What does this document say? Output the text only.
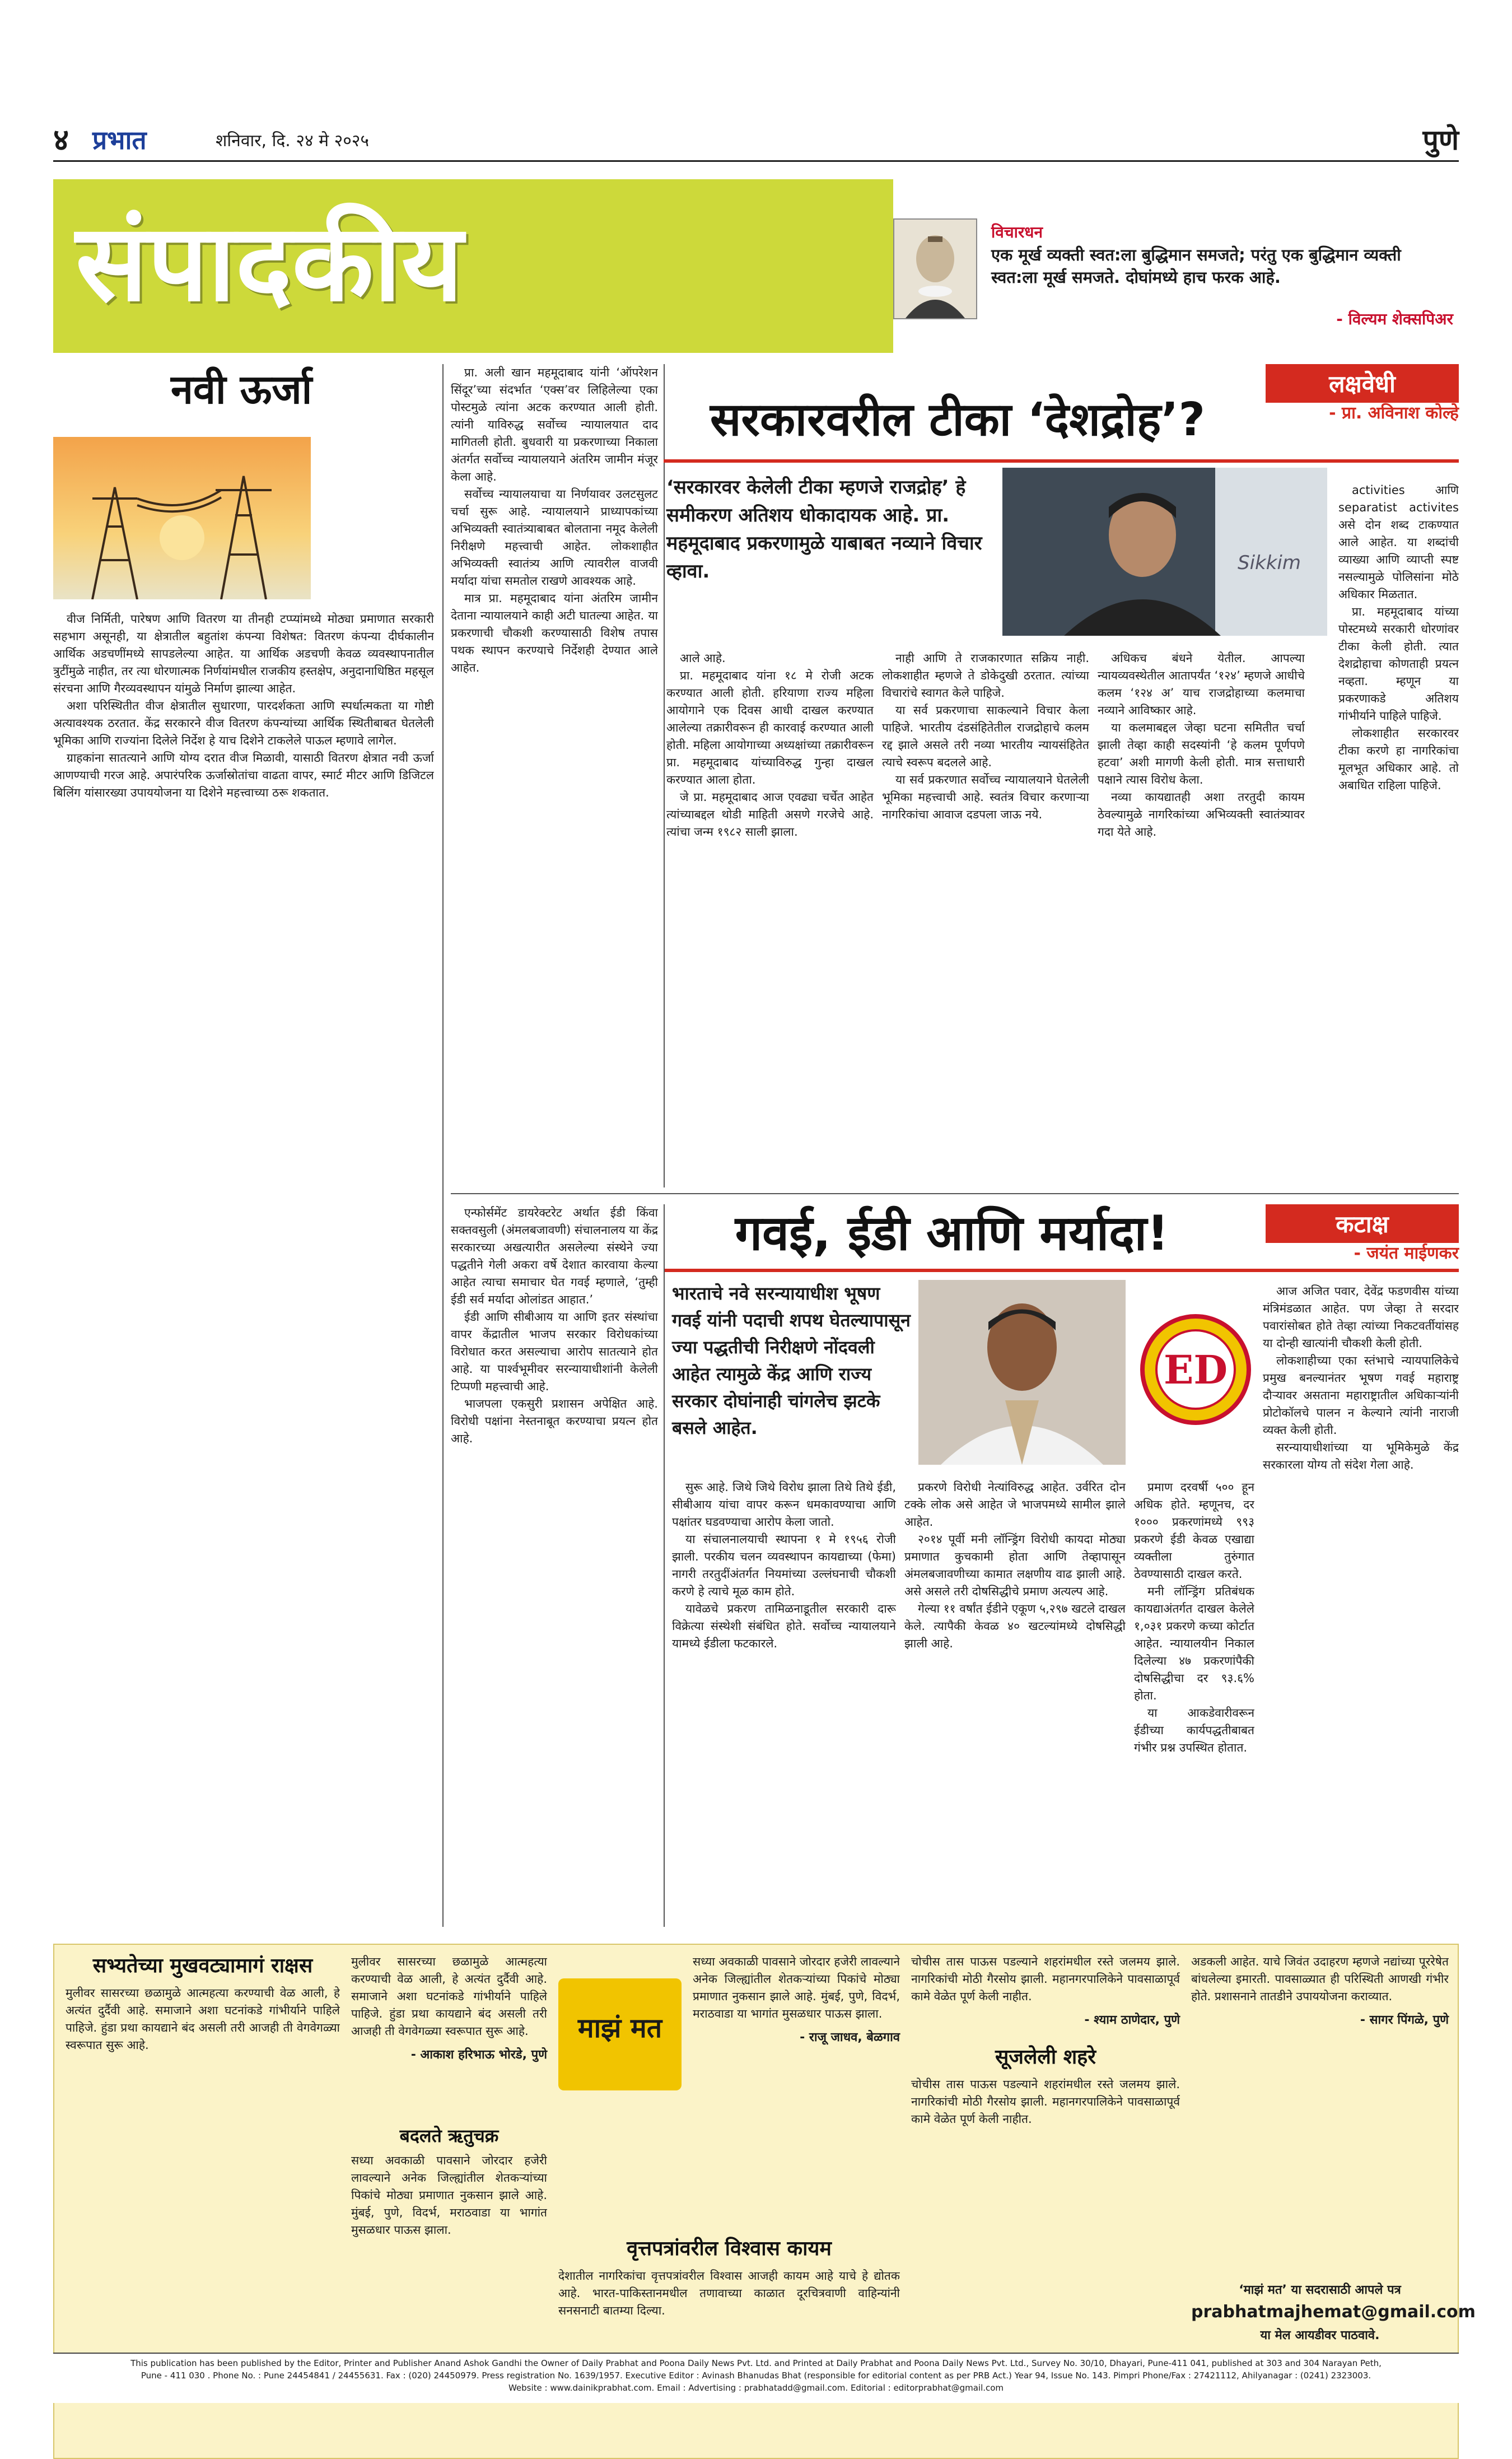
४ प्रभात	शनिवार, दि. २४ मे २०२५	पुणे
संपादकीय	विचारधन
एक मूर्ख व्यक्ती स्वत:ला बुद्धिमान समजते; परंतु एक बुद्धिमान व्यक्ती स्वत:ला मूर्ख समजते. दोघांमध्ये हाच फरक आहे.
- विल्यम शेक्सपिअर
नवी ऊर्जा

वीज निर्मिती, पारेषण आणि वितरण या तीनही टप्प्यांमध्ये मोठ्या प्रमाणात सरकारी सहभाग असूनही, या क्षेत्रातील बहुतांश कंपन्या विशेषत: वितरण कंपन्या दीर्घकालीन आर्थिक अडचणींमध्ये सापडलेल्या आहेत. या आर्थिक अडचणी केवळ व्यवस्थापनातील त्रुटींमुळे नाहीत, तर त्या धोरणात्मक निर्णयांमधील राजकीय हस्तक्षेप, अनुदानाधिष्ठित महसूल संरचना आणि गैरव्यवस्थापन यांमुळे निर्माण झाल्या आहेत.

अशा परिस्थितीत वीज क्षेत्रातील सुधारणा, पारदर्शकता आणि स्पर्धात्मकता या गोष्टी अत्यावश्यक ठरतात. केंद्र सरकारने वीज वितरण कंपन्यांच्या आर्थिक स्थितीबाबत घेतलेली भूमिका आणि राज्यांना दिलेले निर्देश हे याच दिशेने टाकलेले पाऊल म्हणावे लागेल.

ग्राहकांना सातत्याने आणि योग्य दरात वीज मिळावी, यासाठी वितरण क्षेत्रात नवी ऊर्जा आणण्याची गरज आहे. अपारंपरिक ऊर्जास्रोतांचा वाढता वापर, स्मार्ट मीटर आणि डिजिटल बिलिंग यांसारख्या उपाययोजना या दिशेने महत्त्वाच्या ठरू शकतात.

प्रा. अली खान महमूदाबाद यांनी ‘ऑपरेशन सिंदूर’च्या संदर्भात ‘एक्स’वर लिहिलेल्या एका पोस्टमुळे त्यांना अटक करण्यात आली होती. त्यांनी याविरुद्ध सर्वोच्च न्यायालयात दाद मागितली होती. बुधवारी या प्रकरणाच्या निकाला अंतर्गत सर्वोच्च न्यायालयाने अंतरिम जामीन मंजूर केला आहे.

सर्वोच्च न्यायालयाचा या निर्णयावर उलटसुलट चर्चा सुरू आहे. न्यायालयाने प्राध्यापकांच्या अभिव्यक्ती स्वातंत्र्याबाबत बोलताना नमूद केलेली निरीक्षणे महत्त्वाची आहेत. लोकशाहीत अभिव्यक्ती स्वातंत्र्य आणि त्यावरील वाजवी मर्यादा यांचा समतोल राखणे आवश्यक आहे.

मात्र प्रा. महमूदाबाद यांना अंतरिम जामीन देताना न्यायालयाने काही अटी घातल्या आहेत. या प्रकरणाची चौकशी करण्यासाठी विशेष तपास पथक स्थापन करण्याचे निर्देशही देण्यात आले आहेत.

सरकारवरील टीका ‘देशद्रोह’?
लक्षवेधी
- प्रा. अविनाश कोल्हे
‘सरकारवर केलेली टीका म्हणजे राजद्रोह’ हे समीकरण अतिशय धोकादायक आहे. प्रा. महमूदाबाद प्रकरणामुळे याबाबत नव्याने विचार व्हावा.	Sikkim

आले आहे.

प्रा. महमूदाबाद यांना १८ मे रोजी अटक करण्यात आली होती. हरियाणा राज्य महिला आयोगाने एक दिवस आधी दाखल करण्यात आलेल्या तक्रारीवरून ही कारवाई करण्यात आली होती. महिला आयोगाच्या अध्यक्षांच्या तक्रारीवरून प्रा. महमूदाबाद यांच्याविरुद्ध गुन्हा दाखल करण्यात आला होता.

जे प्रा. महमूदाबाद आज एवढ्या चर्चेत आहेत त्यांच्याबद्दल थोडी माहिती असणे गरजेचे आहे. त्यांचा जन्म १९८२ साली झाला.

नाही आणि ते राजकारणात सक्रिय नाही. लोकशाहीत म्हणजे ते डोकेदुखी ठरतात. त्यांच्या विचारांचे स्वागत केले पाहिजे.

या सर्व प्रकरणाचा साकल्याने विचार केला पाहिजे. भारतीय दंडसंहितेतील राजद्रोहाचे कलम रद्द झाले असले तरी नव्या भारतीय न्यायसंहितेत त्याचे स्वरूप बदलले आहे.

या सर्व प्रकरणात सर्वोच्च न्यायालयाने घेतलेली भूमिका महत्त्वाची आहे. स्वतंत्र विचार करणाऱ्या नागरिकांचा आवाज दडपला जाऊ नये.

अधिकच बंधने येतील. आपल्या न्यायव्यवस्थेतील आतापर्यंत ‘१२४’ म्हणजे आधीचे कलम ‘१२४ अ’ याच राजद्रोहाच्या कलमाचा नव्याने आविष्कार आहे.

या कलमाबद्दल जेव्हा घटना समितीत चर्चा झाली तेव्हा काही सदस्यांनी ‘हे कलम पूर्णपणे हटवा’ अशी मागणी केली होती. मात्र सत्ताधारी पक्षाने त्यास विरोध केला.

नव्या कायद्यातही अशा तरतुदी कायम ठेवल्यामुळे नागरिकांच्या अभिव्यक्ती स्वातंत्र्यावर गदा येते आहे.

activities आणि separatist activites असे दोन शब्द टाकण्यात आले आहेत. या शब्दांची व्याख्या आणि व्याप्ती स्पष्ट नसल्यामुळे पोलिसांना मोठे अधिकार मिळतात.

प्रा. महमूदाबाद यांच्या पोस्टमध्ये सरकारी धोरणांवर टीका केली होती. त्यात देशद्रोहाचा कोणताही प्रयत्न नव्हता. म्हणून या प्रकरणाकडे अतिशय गांभीर्याने पाहिले पाहिजे.

लोकशाहीत सरकारवर टीका करणे हा नागरिकांचा मूलभूत अधिकार आहे. तो अबाधित राहिला पाहिजे.

गवई, ईडी आणि मर्यादा!	कटाक्ष
- जयंत माईणकर

एन्फोर्समेंट डायरेक्टरेट अर्थात ईडी किंवा सक्तवसुली (अंमलबजावणी) संचालनालय या केंद्र सरकारच्या अखत्यारीत असलेल्या संस्थेने ज्या पद्धतीने गेली अकरा वर्षे देशात कारवाया केल्या आहेत त्याचा समाचार घेत गवई म्हणाले, ‘तुम्ही ईडी सर्व मर्यादा ओलांडत आहात.’

ईडी आणि सीबीआय या आणि इतर संस्थांचा वापर केंद्रातील भाजप सरकार विरोधकांच्या विरोधात करत असल्याचा आरोप सातत्याने होत आहे. या पार्श्वभूमीवर सरन्यायाधीशांनी केलेली टिप्पणी महत्त्वाची आहे.

भाजपला एकसुरी प्रशासन अपेक्षित आहे. विरोधी पक्षांना नेस्तनाबूत करण्याचा प्रयत्न होत आहे.

भारताचे नवे सरन्यायाधीश भूषण गवई यांनी पदाची शपथ घेतल्यापासून ज्या पद्धतीची निरीक्षणे नोंदवली आहेत त्यामुळे केंद्र आणि राज्य सरकार दोघांनाही चांगलेच झटके बसले आहेत.
ED

सुरू आहे. जिथे जिथे विरोध झाला तिथे तिथे ईडी, सीबीआय यांचा वापर करून धमकावण्याचा आणि पक्षांतर घडवण्याचा आरोप केला जातो.

या संचालनालयाची स्थापना १ मे १९५६ रोजी झाली. परकीय चलन व्यवस्थापन कायद्याच्या (फेमा) नागरी तरतुदींअंतर्गत नियमांच्या उल्लंघनाची चौकशी करणे हे त्याचे मूळ काम होते.

यावेळचे प्रकरण तामिळनाडूतील सरकारी दारू विक्रेत्या संस्थेशी संबंधित होते. सर्वोच्च न्यायालयाने यामध्ये ईडीला फटकारले.

प्रकरणे विरोधी नेत्यांविरुद्ध आहेत. उर्वरित दोन टक्के लोक असे आहेत जे भाजपमध्ये सामील झाले आहेत.

२०१४ पूर्वी मनी लॉन्ड्रिंग विरोधी कायदा मोठ्या प्रमाणात कुचकामी होता आणि तेव्हापासून अंमलबजावणीच्या कामात लक्षणीय वाढ झाली आहे. असे असले तरी दोषसिद्धीचे प्रमाण अत्यल्प आहे.

गेल्या ११ वर्षांत ईडीने एकूण ५,२९७ खटले दाखल केले. त्यापैकी केवळ ४० खटल्यांमध्ये दोषसिद्धी झाली आहे.

प्रमाण दरवर्षी ५०० हून अधिक होते. म्हणूनच, दर १००० प्रकरणांमध्ये ९९३ प्रकरणे ईडी केवळ एखाद्या व्यक्तीला तुरुंगात ठेवण्यासाठी दाखल करते.

मनी लॉन्ड्रिंग प्रतिबंधक कायद्याअंतर्गत दाखल केलेले १,०३१ प्रकरणे कच्या कोर्टात आहेत. न्यायालयीन निकाल दिलेल्या ४७ प्रकरणांपैकी दोषसिद्धीचा दर ९३.६% होता.

या आकडेवारीवरून ईडीच्या कार्यपद्धतीबाबत गंभीर प्रश्न उपस्थित होतात.

आज अजित पवार, देवेंद्र फडणवीस यांच्या मंत्रिमंडळात आहेत. पण जेव्हा ते सरदार पवारांसोबत होते तेव्हा त्यांच्या निकटवर्तीयांसह या दोन्ही खात्यांनी चौकशी केली होती.

लोकशाहीच्या एका स्तंभाचे न्यायपालिकेचे प्रमुख बनल्यानंतर भूषण गवई महाराष्ट्र दौऱ्यावर असताना महाराष्ट्रातील अधिकाऱ्यांनी प्रोटोकॉलचे पालन न केल्याने त्यांनी नाराजी व्यक्त केली होती.

सरन्यायाधीशांच्या या भूमिकेमुळे केंद्र सरकारला योग्य तो संदेश गेला आहे.

सभ्यतेच्या मुखवट्यामागं राक्षस
मुलीवर सासरच्या छळामुळे आत्महत्या करण्याची वेळ आली, हे अत्यंत दुर्दैवी आहे. समाजाने अशा घटनांकडे गांभीर्याने पाहिले पाहिजे. हुंडा प्रथा कायद्याने बंद असली तरी आजही ती वेगवेगळ्या स्वरूपात सुरू आहे.
मुलीवर सासरच्या छळामुळे आत्महत्या करण्याची वेळ आली, हे अत्यंत दुर्दैवी आहे. समाजाने अशा घटनांकडे गांभीर्याने पाहिले पाहिजे. हुंडा प्रथा कायद्याने बंद असली तरी आजही ती वेगवेगळ्या स्वरूपात सुरू आहे.
- आकाश हरिभाऊ भोरडे, पुणे
बदलते ऋतुचक्र
सध्या अवकाळी पावसाने जोरदार हजेरी लावल्याने अनेक जिल्ह्यांतील शेतकऱ्यांच्या पिकांचे मोठ्या प्रमाणात नुकसान झाले आहे. मुंबई, पुणे, विदर्भ, मराठवाडा या भागांत मुसळधार पाऊस झाला.
माझं मत
सध्या अवकाळी पावसाने जोरदार हजेरी लावल्याने अनेक जिल्ह्यांतील शेतकऱ्यांच्या पिकांचे मोठ्या प्रमाणात नुकसान झाले आहे. मुंबई, पुणे, विदर्भ, मराठवाडा या भागांत मुसळधार पाऊस झाला.
- राजू जाधव, बेळगाव
वृत्तपत्रांवरील विश्वास कायम
देशातील नागरिकांचा वृत्तपत्रांवरील विश्वास आजही कायम आहे याचे हे द्योतक आहे. भारत-पाकिस्तानमधील तणावाच्या काळात दूरचित्रवाणी वाहिन्यांनी सनसनाटी बातम्या दिल्या.
चोचीस तास पाऊस पडल्याने शहरांमधील रस्ते जलमय झाले. नागरिकांची मोठी गैरसोय झाली. महानगरपालिकेने पावसाळापूर्व कामे वेळेत पूर्ण केली नाहीत.
- श्याम ठाणेदार, पुणे
सूजलेली शहरे
चोचीस तास पाऊस पडल्याने शहरांमधील रस्ते जलमय झाले. नागरिकांची मोठी गैरसोय झाली. महानगरपालिकेने पावसाळापूर्व कामे वेळेत पूर्ण केली नाहीत.
अडकली आहेत. याचे जिवंत उदाहरण म्हणजे नद्यांच्या पूररेषेत बांधलेल्या इमारती. पावसाळ्यात ही परिस्थिती आणखी गंभीर होते. प्रशासनाने तातडीने उपाययोजना कराव्यात.
- सागर पिंगळे, पुणे
‘माझं मत’ या सदरासाठी आपले पत्र
prabhatmajhemat@gmail.com
या मेल आयडीवर पाठवावे.
This publication has been published by the Editor, Printer and Publisher Anand Ashok Gandhi the Owner of Daily Prabhat and Poona Daily News Pvt. Ltd. and Printed at Daily Prabhat and Poona Daily News Pvt. Ltd., Survey No. 30/10, Dhayari, Pune-411 041, published at 303 and 304 Narayan Peth,
Pune - 411 030 . Phone No. : Pune 24454841 / 24455631. Fax : (020) 24450979. Press registration No. 1639/1957. Executive Editor : Avinash Bhanudas Bhat (responsible for editorial content as per PRB Act.) Year 94, Issue No. 143. Pimpri Phone/Fax : 27421112, Ahilyanagar : (0241) 2323003.
Website : www.dainikprabhat.com. Email : Advertising : prabhatadd@gmail.com. Editorial : editorprabhat@gmail.com
